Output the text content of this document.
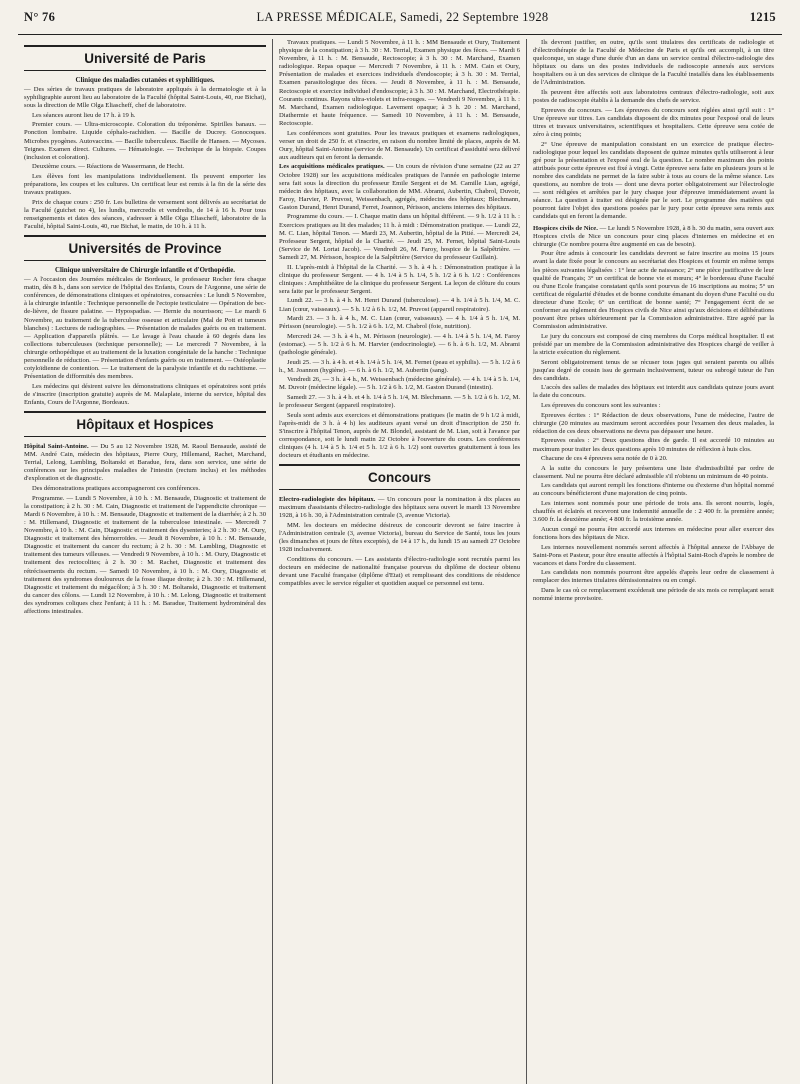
N° 76	LA PRESSE MÉDICALE, Samedi, 22 Septembre 1928	1215
Université de Paris
Clinique des maladies cutanées et syphilitiques.

— Des séries de travaux pratiques de laboratoire appliqués à la dermatologie et à la syphiligraphie auront lieu au laboratoire de la Faculté (hôpital Saint-Louis, 40, rue Bichat), sous la direction de Mlle Olga Eliascheff, chef de laboratoire.

Les séances auront lieu de 17 h. à 19 h.

Premier cours. — Ultra-microscopie. Coloration du tréponème. Spirilles banaux. — Ponction lombaire. Liquide céphalo-rachidien. — Bacille de Ducrey. Gonocoques. Microbes pyogènes. Autovaccins. — Bacille tuberculeux. Bacille de Hansen. — Mycoses. Teignes. Examen direct. Cultures. — Hématologie. — Technique de la biopsie. Coupes (inclusion et coloration).

Deuxième cours. — Réactions de Wassermann, de Hecht.

Les élèves font les manipulations individuellement. Ils peuvent emporter les préparations, les coupes et les cultures. Un certificat leur est remis à la fin de la série des travaux pratiques.

Prix de chaque cours : 250 fr. Les bulletins de versement sont délivrés au secrétariat de la Faculté (guichet no 4), les lundis, mercredis et vendredis, de 14 à 16 h. Pour tous renseignements et dates des séances, s'adresser à Mlle Olga Eliascheff, laboratoire de la Faculté, hôpital Saint-Louis, 40, rue Bichat, le matin, de 10 h. à 11 h.

Universités de Province
Clinique universitaire de Chirurgie infantile et d'Orthopédie.

— A l'occasion des Journées médicales de Bordeaux, le professeur Rocher fera chaque matin, dès 8 h., dans son service de l'hôpital des Enfants, Cours de l'Argonne, une série de conférences, de démonstrations cliniques et opératoires, consacrées : Le lundi 5 Novembre, à la chirurgie infantile : Technique personnelle de l'ectopie testiculaire — Opération de bec-de-lièvre, de fissure palatine. — Hypospadias. — Hernie du nourrisson; — Le mardi 6 Novembre, au traitement de la tuberculose osseuse et articulaire (Mal de Pott et tumeurs blanches) : Lectures de radiographies. — Présentation de malades guéris ou en traitement. — Application d'appareils plâtrés. — Le lavage à l'eau chaude à 60 degrés dans les collections tuberculeuses (technique personnelle); — Le mercredi 7 Novembre, à la chirurgie orthopédique et au traitement de la luxation congénitale de la hanche : Technique personnelle de réduction. — Présentation d'enfants guéris ou en traitement. — Ostéoplastie cotyloïdienne de contention. — Le traitement de la paralysie infantile et du rachitisme. — Présentation de difformités des membres.

Les médecins qui désirent suivre les démonstrations cliniques et opératoires sont priés de s'inscrire (inscription gratuite) auprès de M. Malaplate, interne du service, hôpital des Enfants, Cours de l'Argonne, Bordeaux.

Hôpitaux et Hospices

Hôpital Saint-Antoine. — Du 5 au 12 Novembre 1928, M. Raoul Bensaude, assisté de MM. André Cain, médecin des hôpitaux, Pierre Oury, Hillemand, Rachet, Marchand, Terrial, Lelong, Lambling, Boltanski et Baradue, fera, dans son service, une série de conférences sur les principales maladies de l'intestin (rectum inclus) et les méthodes d'exploration et de diagnostic.

Des démonstrations pratiques accompagneront ces conférences.

Programme. — Lundi 5 Novembre, à 10 h. : M. Bensaude, Diagnostic et traitement de la constipation; à 2 h. 30 : M. Cain, Diagnostic et traitement de l'appendicite chronique — Mardi 6 Novembre, à 10 h. : M. Bensaude, Diagnostic et traitement de la diarrhée; à 2 h. 30 : M. Hillemand, Diagnostic et traitement de la tuberculose intestinale. — Mercredi 7 Novembre, à 10 h. : M. Cain, Diagnostic et traitement des dysenteries; à 2 h. 30 : M. Oury, Diagnostic et traitement des hémorroïdes. — Jeudi 8 Novembre, à 10 h. : M. Bensaude, Diagnostic et traitement du cancer du rectum; à 2 h. 30 : M. Lambling, Diagnostic et traitement des tumeurs villeuses. — Vendredi 9 Novembre, à 10 h. : M. Oury, Diagnostic et traitement des rectocolites; à 2 h. 30 : M. Rachet, Diagnostic et traitement des rétrécissements du rectum. — Samedi 10 Novembre, à 10 h. : M. Oury, Diagnostic et traitement des syndromes douloureux de la fosse iliaque droite; à 2 h. 30 : M. Hillemand, Diagnostic et traitement du mégacôlon; à 3 h. 30 : M. Boltanski, Diagnostic et traitement du cancer des côlons. — Lundi 12 Novembre, à 10 h. : M. Lelong, Diagnostic et traitement des syndromes coliques chez l'enfant; à 11 h. : M. Baradue, Traitement hydrominéral des affections intestinales.

Travaux pratiques. — Lundi 5 Novembre, à 11 h. : MM Bensaude et Oury, Traitement physique de la constipation; à 3 h. 30 : M. Terrial, Examen physique des fèces. — Mardi 6 Novembre, à 11 h. : M. Bensaude, Rectoscopie; à 3 h. 30 : M. Marchand, Examen radiologique. Repas opaque — Mercredi 7 Novembre, à 11 h. : MM. Cain et Oury, Présentation de malades et exercices individuels d'endoscopie; à 3 h. 30 : M. Terrial, Examen parasitologique des fèces. — Jeudi 8 Novembre, à 11 h. : M. Bensaude, Rectoscopie et exercice individuel d'endoscopie; à 3 h. 30 : M. Marchand, Electrothérapie. Courants continus. Rayons ultra-violets et infra-rouges. — Vendredi 9 Novembre, à 11 h. : M. Marchand, Examen radiologique. Lavement opaque; à 3 h. 20 : M. Marchand, Diathermie et haute fréquence. — Samedi 10 Novembre, à 11 h. : M. Bensaude, Rectoscopie.

Les conférences sont gratuites. Pour les travaux pratiques et examens radiologiques, verser un droit de 250 fr. et s'inscrire, en raison du nombre limité de places, auprès de M. Oury, hôpital Saint-Antoine (service de M. Bensaude). Un certificat d'assiduité sera délivré aux auditeurs qui en feront la demande.

Les acquisitions médicales pratiques. — Un cours de révision d'une semaine (22 au 27 Octobre 1928) sur les acquisitions médicales pratiques de l'année en pathologie interne sera fait sous la direction du professeur Emile Sergent et de M. Camille Lian, agrégé, médecin des hôpitaux, avec la collaboration de MM. Abrami, Aubertin, Chabrol, Duvoir, Faroy, Harvier, P. Pruvost, Weissenbach, agrégés, médecins des hôpitaux; Blechmann, Gaston Durand, Henri Durand, Ferret, Joannon, Périsson, anciens internes des hôpitaux.

Programme du cours. — I. Chaque matin dans un hôpital différent. — 9 h. 1/2 à 11 h. : Exercices pratiques au lit des malades; 11 h. à midi : Démonstration pratique. — Lundi 22, M. C. Lian, hôpital Tenon. — Mardi 23, M. Aubertin, hôpital de la Pitié. — Mercredi 24, Professeur Sergent, hôpital de la Charité. — Jeudi 25, M. Fernet, hôpital Saint-Louis (Service de M. Lortat Jacob). — Vendredi 26, M. Faroy, hospice de la Salpêtrière. — Samedi 27, M. Périsson, hospice de la Salpêtrière (Service du professeur Guillain).

II. L'après-midi à l'hôpital de la Charité. — 3 h. à 4 h. : Démonstration pratique à la clinique du professeur Sergent. — 4 h. 1/4 à 5 h. 1/4, 5 h. 1/2 à 6 h. 1/2 : Conférences cliniques : Amphithéâtre de la clinique du professeur Sergent. La leçon de clôture du cours sera faite par le professeur Sergent.

Lundi 22. — 3 h. à 4 h. M. Henri Durand (tuberculose). — 4 h. 1/4 à 5 h. 1/4, M. C. Lian (cœur, vaisseaux). — 5 h. 1/2 à 6 h. 1/2, M. Pruvost (appareil respiratoire).

Mardi 23. — 3 h. à 4 h., M. C. Lian (cœur, vaisseaux). — 4 h. 1/4 à 5 h. 1/4, M. Périsson (neurologie). — 5 h. 1/2 à 6 h. 1/2, M. Chabrol (foie, nutrition).

Mercredi 24. — 3 h. à 4 h., M. Périsson (neurologie). — 4 h. 1/4 à 5 h. 1/4, M. Faroy (estomac). — 5 h. 1/2 à 6 h. M. Harvier (endocrinologie). — 6 h. à 6 h. 1/2, M. Abrami (pathologie générale).

Jeudi 25. — 3 h. à 4 h. et 4 h. 1/4 à 5 h. 1/4, M. Fernet (peau et syphilis). — 5 h. 1/2 à 6 h., M. Joannon (hygiène). — 6 h. à 6 h. 1/2, M. Aubertin (sang).

Vendredi 26, — 3 h. à 4 h., M. Weissenbach (médecine générale). — 4 h. 1/4 à 5 h. 1/4, M. Duvoir (médecine légale). — 5 h. 1/2 à 6 h. 1/2, M. Gaston Durand (intestin).

Samedi 27. — 3 h. à 4 h. et 4 h. 1/4 à 5 h. 1/4, M. Blechmann. — 5 h. 1/2 à 6 h. 1/2, M. le professeur Sergent (appareil respiratoire).

Seuls sont admis aux exercices et démonstrations pratiques (le matin de 9 h 1/2 à midi, l'après-midi de 3 h. à 4 h) les auditeurs ayant versé un droit d'inscription de 250 fr. S'inscrire à l'hôpital Tenon, auprès de M. Blondel, assistant de M. Lian, soit à l'avance par correspondance, soit le lundi matin 22 Octobre à l'ouverture du cours. Les conférences cliniques (4 h. 1/4 à 5 h. 1/4 et 5 h. 1/2 à 6 h. 1/2) sont ouvertes gratuitement à tous les docteurs et étudiants en médecine.

Concours

Electro-radiologiste des hôpitaux. — Un concours pour la nomination à dix places au maximum d'assistants d'électro-radiologie des hôpitaux sera ouvert le mardi 13 Novembre 1928, à 16 h. 30, à l'Administration centrale (3, avenue Victoria).

MM. les docteurs en médecine désireux de concourir devront se faire inscrire à l'Administration centrale (3, avenue Victoria), bureau du Service de Santé, tous les jours (les dimanches et jours de fêtes exceptés), de 14 à 17 h., du lundi 15 au samedi 27 Octobre 1928 inclusivement.

Conditions du concours. — Les assistants d'électro-radiologie sont recrutés parmi les docteurs en médecine de nationalité française pourvus du diplôme de docteur obtenu devant une Faculté française (diplôme d'Etat) et remplissant des conditions de résidence compatibles avec le service régulier et quotidien auquel ce personnel est tenu.

Ils devront justifier, en outre, qu'ils sont titulaires des certificats de radiologie et d'électrothérapie de la Faculté de Médecine de Paris et qu'ils ont accompli, à un titre quelconque, un stage d'une durée d'un an dans un service central d'électro-radiologie des hôpitaux ou dans un des postes individuels de radioscopie annexés aux services hospitaliers ou à un des services de clinique de la Faculté installés dans les établissements de l'Administration.

Ils peuvent être affectés soit aux laboratoires centraux d'électro-radiologie, soit aux postes de radioscopie établis à la demande des chefs de service.

Epreuves du concours. — Les épreuves du concours sont réglées ainsi qu'il suit : 1° Une épreuve sur titres. Les candidats disposent de dix minutes pour l'exposé oral de leurs titres et travaux universitaires, scientifiques et hospitaliers. Cette épreuve sera cotée de zéro à cinq points;

2° Une épreuve de manipulation consistant en un exercice de pratique électro-radiologique pour lequel les candidats disposent de quinze minutes qu'ils utiliseront à leur gré pour la présentation et l'exposé oral de la question. Le nombre maximum des points attribués pour cette épreuve est fixé à vingt. Cette épreuve sera faite en plusieurs jours si le nombre des candidats ne permet de la faire subir à tous au cours de la même séance. Les questions, au nombre de trois — dont une devra porter obligatoirement sur l'électrologie — sont rédigées et arrêtées par le jury chaque jour d'épreuve immédiatement avant la séance. La question à traiter est désignée par le sort. Le programme des matières qui pourront faire l'objet des questions posées par le jury pour cette épreuve sera remis aux candidats qui en feront la demande.

Hospices civils de Nice. — Le lundi 5 Novembre 1928, à 8 h. 30 du matin, sera ouvert aux Hospices civils de Nice un concours pour cinq places d'internes en médecine et en chirurgie (Ce nombre pourra être augmenté en cas de besoin).

Pour être admis à concourir les candidats devront se faire inscrire au moins 15 jours avant la date fixée pour le concours au secrétariat des Hospices et fournir en même temps les pièces suivantes légalisées : 1° leur acte de naissance; 2° une pièce justificative de leur qualité de Français; 3° un certificat de bonne vie et mœurs; 4° le bordereau d'une Faculté ou d'une Ecole française constatant qu'ils sont pourvus de 16 inscriptions au moins; 5° un certificat de régularité d'études et de bonne conduite émanant du doyen d'une Faculté ou du directeur d'une Ecole; 6° un certificat de bonne santé; 7° l'engagement écrit de se conformer au règlement des Hospices civils de Nice ainsi qu'aux décisions et délibérations pouvant être prises ultérieurement par la Commission administrative. Etre agréé par la Commission administrative.

Le jury du concours est composé de cinq membres du Corps médical hospitalier. Il est présidé par un membre de la Commission administrative des Hospices chargé de veiller à la stricte exécution du règlement.

Seront obligatoirement tenus de se récuser tous juges qui seraient parents ou alliés jusqu'au degré de cousin issu de germain inclusivement, tuteur ou subrogé tuteur de l'un des candidats.

L'accès des salles de malades des hôpitaux est interdit aux candidats quinze jours avant la date du concours.

Les épreuves du concours sont les suivantes :

Epreuves écrites : 1° Rédaction de deux observations, l'une de médecine, l'autre de chirurgie (20 minutes au maximum seront accordées pour l'examen des deux malades, la rédaction de ces deux observations ne devra pas dépasser une heure.

Epreuves orales : 2° Deux questions dites de garde. Il est accordé 10 minutes au maximum pour traiter les deux questions après 10 minutes de réflexion à huis clos.

Chacune de ces 4 épreuves sera notée de 0 à 20.

A la suite du concours le jury présentera une liste d'admissibilité par ordre de classement. Nul ne pourra être déclaré admissible s'il n'obtenu un minimum de 40 points.

Les candidats qui auront rempli les fonctions d'interne ou d'externe d'un hôpital nommé au concours bénéficieront d'une majoration de cinq points.

Les internes sont nommés pour une période de trois ans. Ils seront nourris, logés, chauffés et éclairés et recevront une indemnité annuelle de : 2 400 fr. la première année; 3.600 fr. la deuxième année; 4 800 fr. la troisième année.

Aucun congé ne pourra être accordé aux internes en médecine pour aller exercer des fonctions hors des hôpitaux de Nice.

Les internes nouvellement nommés seront affectés à l'hôpital annexe de l'Abbaye de Saint-Pons et Pasteur, pour être ensuite affectés à l'hôpital Saint-Roch d'après le nombre de vacances et dans l'ordre du classement.

Les candidats non nommés pourront être appelés d'après leur ordre de classement à remplacer des internes titulaires démissionnaires ou en congé.

Dans le cas où ce remplacement excéderait une période de six mois ce remplaçant serait nommé interne provisoire.
